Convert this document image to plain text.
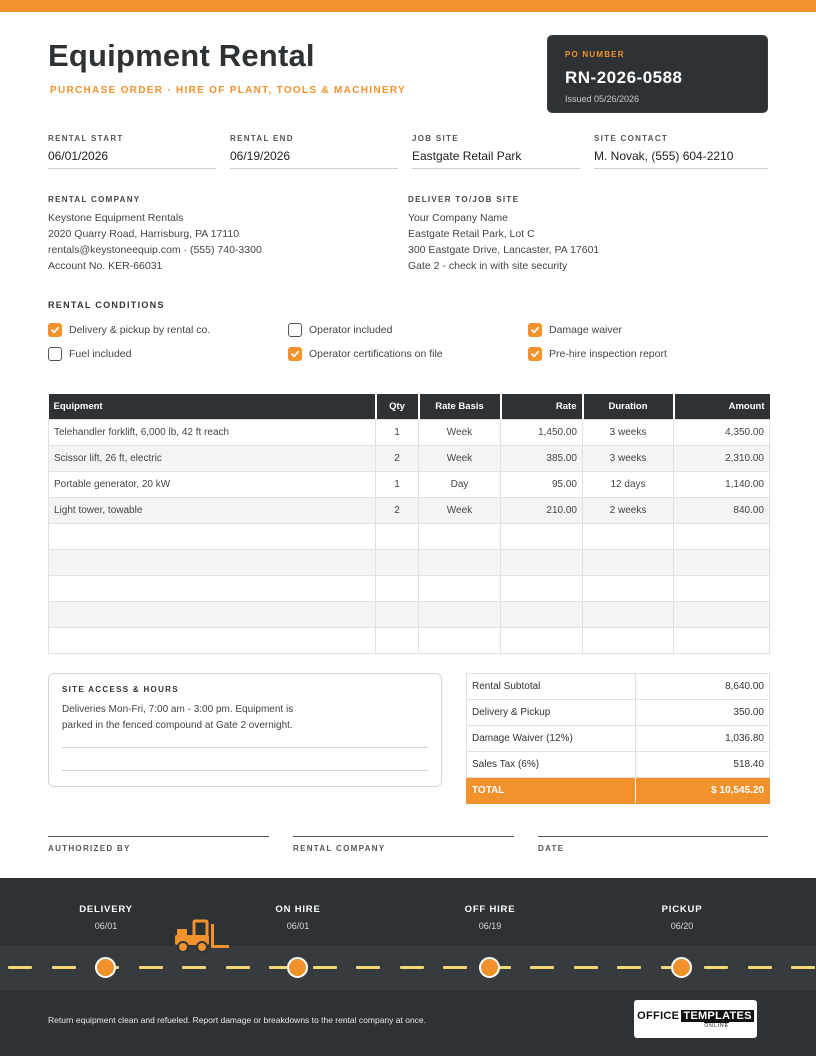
Equipment Rental
PURCHASE ORDER · HIRE OF PLANT, TOOLS & MACHINERY
PO NUMBER
RN-2026-0588
Issued 05/26/2026
RENTAL START
06/01/2026
RENTAL END
06/19/2026
JOB SITE
Eastgate Retail Park
SITE CONTACT
M. Novak, (555) 604-2210
RENTAL COMPANY
Keystone Equipment Rentals
2020 Quarry Road, Harrisburg, PA 17110
rentals@keystoneequip.com · (555) 740-3300
Account No. KER-66031
DELIVER TO/JOB SITE
Your Company Name
Eastgate Retail Park, Lot C
300 Eastgate Drive, Lancaster, PA 17601
Gate 2 - check in with site security
RENTAL CONDITIONS
Delivery & pickup by rental co.	Operator included	Damage waiver
Fuel included	Operator certifications on file	Pre-hire inspection report
Equipment	Qty	Rate Basis	Rate	Duration	Amount
Telehandler forklift, 6,000 lb, 42 ft reach	1	Week	1,450.00	3 weeks	4,350.00
Scissor lift, 26 ft, electric	2	Week	385.00	3 weeks	2,310.00
Portable generator, 20 kW	1	Day	95.00	12 days	1,140.00
Light tower, towable	2	Week	210.00	2 weeks	840.00

SITE ACCESS & HOURS
Deliveries Mon-Fri, 7:00 am - 3:00 pm. Equipment is parked in the fenced compound at Gate 2 overnight.
Rental Subtotal	8,640.00
Delivery & Pickup	350.00
Damage Waiver (12%)	1,036.80
Sales Tax (6%)	518.40
TOTAL	$ 10,545.20
AUTHORIZED BY	RENTAL COMPANY	DATE
DELIVERY
06/01
ON HIRE
06/01
OFF HIRE
06/19
PICKUP
06/20
Return equipment clean and refueled. Report damage or breakdowns to the rental company at once.	OFFICE TEMPLATES
ONLINE
